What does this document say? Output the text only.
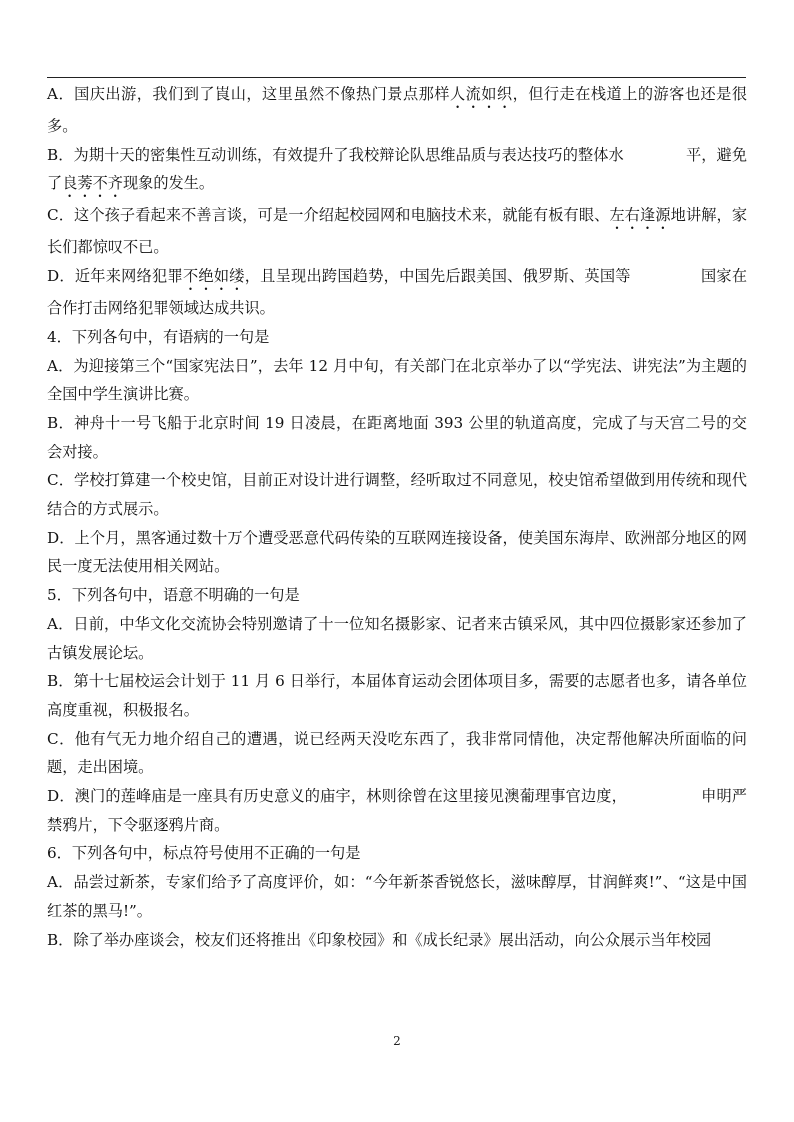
A．国庆出游，我们到了崀山，这里虽然不像热门景点那样人流如织，但行走在栈道上的游客也还是很多。

B．为期十天的密集性互动训练，有效提升了我校辩论队思维品质与表达技巧的整体水	平，避免了良莠不齐现象的发生。

C．这个孩子看起来不善言谈，可是一介绍起校园网和电脑技术来，就能有板有眼、左右逢源地讲解，家长们都惊叹不已。

D．近年来网络犯罪不绝如缕，且呈现出跨国趋势，中国先后跟美国、俄罗斯、英国等	国家在合作打击网络犯罪领域达成共识。

4．下列各句中，有语病的一句是

A．为迎接第三个“国家宪法日”，去年 12 月中旬，有关部门在北京举办了以“学宪法、讲宪法”为主题的全国中学生演讲比赛。

B．神舟十一号飞船于北京时间 19 日凌晨，在距离地面 393 公里的轨道高度，完成了与天宫二号的交会对接。

C．学校打算建一个校史馆，目前正对设计进行调整，经听取过不同意见，校史馆希望做到用传统和现代结合的方式展示。

D．上个月，黑客通过数十万个遭受恶意代码传染的互联网连接设备，使美国东海岸、欧洲部分地区的网民一度无法使用相关网站。

5．下列各句中，语意不明确的一句是

A．日前，中华文化交流协会特别邀请了十一位知名摄影家、记者来古镇采风，其中四位摄影家还参加了古镇发展论坛。

B．第十七届校运会计划于 11 月 6 日举行，本届体育运动会团体项目多，需要的志愿者也多，请各单位高度重视，积极报名。

C．他有气无力地介绍自己的遭遇，说已经两天没吃东西了，我非常同情他，决定帮他解决所面临的问题，走出困境。

D．澳门的莲峰庙是一座具有历史意义的庙宇，林则徐曾在这里接见澳葡理事官边度，	申明严禁鸦片，下令驱逐鸦片商。

6．下列各句中，标点符号使用不正确的一句是

A．品尝过新茶，专家们给予了高度评价，如：“今年新茶香锐悠长，滋味醇厚，甘润鲜爽!”、“这是中国红茶的黑马!”。

B．除了举办座谈会，校友们还将推出《印象校园》和《成长纪录》展出活动，向公众展示当年校园

2
